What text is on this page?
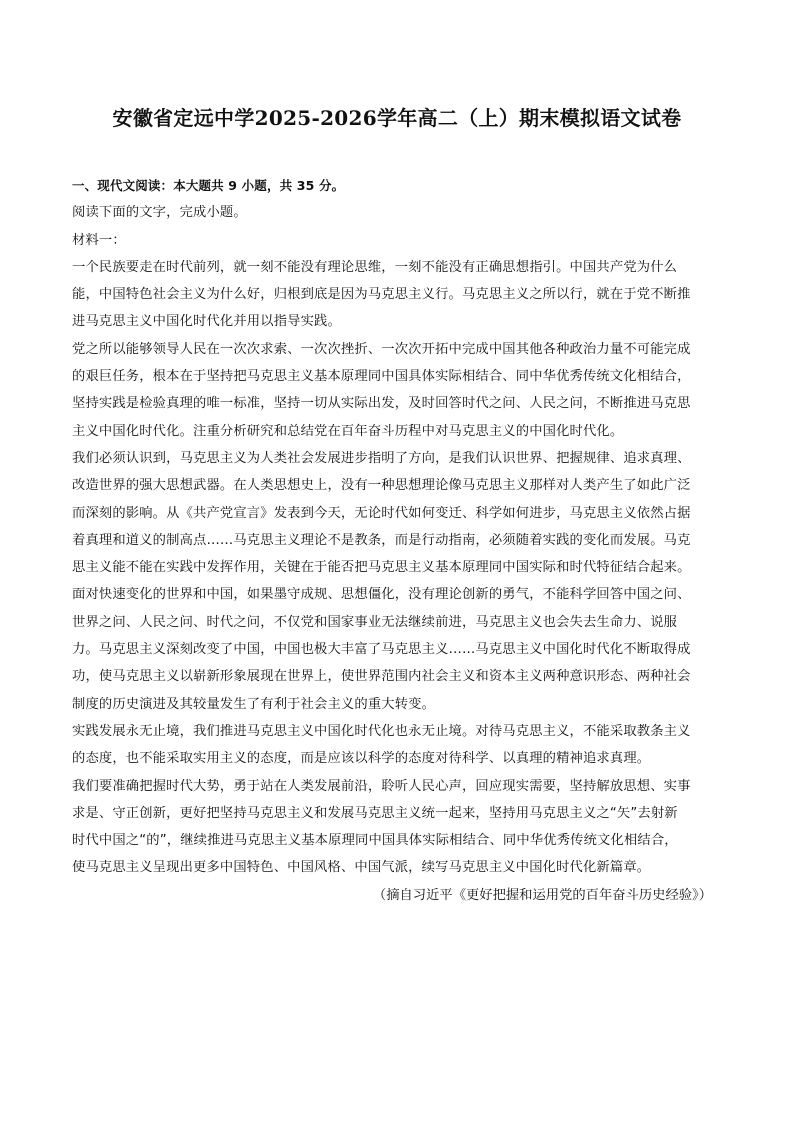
安徽省定远中学2025-2026学年高二（上）期末模拟语文试卷
一、现代文阅读：本大题共 9 小题，共 35 分。
阅读下面的文字，完成小题。
材料一：
一个民族要走在时代前列，就一刻不能没有理论思维，一刻不能没有正确思想指引。中国共产党为什么
能，中国特色社会主义为什么好，归根到底是因为马克思主义行。马克思主义之所以行，就在于党不断推
进马克思主义中国化时代化并用以指导实践。
党之所以能够领导人民在一次次求索、一次次挫折、一次次开拓中完成中国其他各种政治力量不可能完成
的艰巨任务，根本在于坚持把马克思主义基本原理同中国具体实际相结合、同中华优秀传统文化相结合，
坚持实践是检验真理的唯一标准，坚持一切从实际出发，及时回答时代之问、人民之问，不断推进马克思
主义中国化时代化。注重分析研究和总结党在百年奋斗历程中对马克思主义的中国化时代化。
我们必须认识到，马克思主义为人类社会发展进步指明了方向，是我们认识世界、把握规律、追求真理、
改造世界的强大思想武器。在人类思想史上，没有一种思想理论像马克思主义那样对人类产生了如此广泛
而深刻的影响。从《共产党宣言》发表到今天，无论时代如何变迁、科学如何进步，马克思主义依然占据
着真理和道义的制高点……马克思主义理论不是教条，而是行动指南，必须随着实践的变化而发展。马克
思主义能不能在实践中发挥作用，关键在于能否把马克思主义基本原理同中国实际和时代特征结合起来。
面对快速变化的世界和中国，如果墨守成规、思想僵化，没有理论创新的勇气，不能科学回答中国之问、
世界之问、人民之问、时代之问，不仅党和国家事业无法继续前进，马克思主义也会失去生命力、说服
力。马克思主义深刻改变了中国，中国也极大丰富了马克思主义……马克思主义中国化时代化不断取得成
功，使马克思主义以崭新形象展现在世界上，使世界范围内社会主义和资本主义两种意识形态、两种社会
制度的历史演进及其较量发生了有利于社会主义的重大转变。
实践发展永无止境，我们推进马克思主义中国化时代化也永无止境。对待马克思主义，不能采取教条主义
的态度，也不能采取实用主义的态度，而是应该以科学的态度对待科学、以真理的精神追求真理。
我们要准确把握时代大势，勇于站在人类发展前沿，聆听人民心声，回应现实需要，坚持解放思想、实事
求是、守正创新，更好把坚持马克思主义和发展马克思主义统一起来，坚持用马克思主义之“矢”去射新
时代中国之“的”，继续推进马克思主义基本原理同中国具体实际相结合、同中华优秀传统文化相结合，
使马克思主义呈现出更多中国特色、中国风格、中国气派，续写马克思主义中国化时代化新篇章。
（摘自习近平《更好把握和运用党的百年奋斗历史经验》）
